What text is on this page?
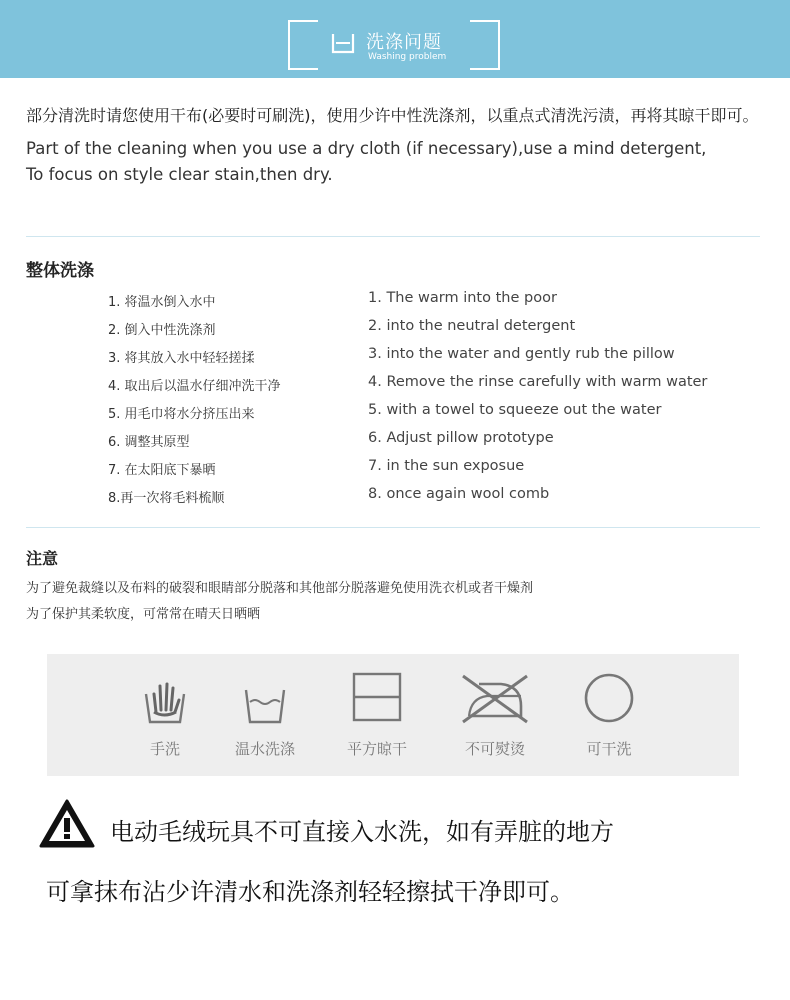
洗涤问题
Washing problem

部分清洗时请您使用干布(必要时可刷洗)，使用少许中性洗涤剂，以重点式清洗污渍，再将其晾干即可。

Part of the cleaning when you use a dry cloth (if necessary),use a mind detergent,

To focus on style clear stain,then dry.

整体洗涤
1. 将温水倒入水中	1. The warm into the poor
2. 倒入中性洗涤剂	2. into the neutral detergent
3. 将其放入水中轻轻搓揉	3. into the water and gently rub the pillow
4. 取出后以温水仔细冲洗干净	4. Remove the rinse carefully with warm water
5. 用毛巾将水分挤压出来	5. with a towel to squeeze out the water
6. 调整其原型	6. Adjust pillow prototype
7. 在太阳底下暴晒	7. in the sun exposue
8.再一次将毛料梳顺	8. once again wool comb
注意

为了避免裁缝以及布料的破裂和眼睛部分脱落和其他部分脱落避免使用洗衣机或者干燥剂

为了保护其柔软度，可常常在晴天日晒晒

手洗	温水洗涤	平方晾干	不可熨烫	可干洗
电动毛绒玩具不可直接入水洗，如有弄脏的地方
可拿抹布沾少许清水和洗涤剂轻轻擦拭干净即可。
